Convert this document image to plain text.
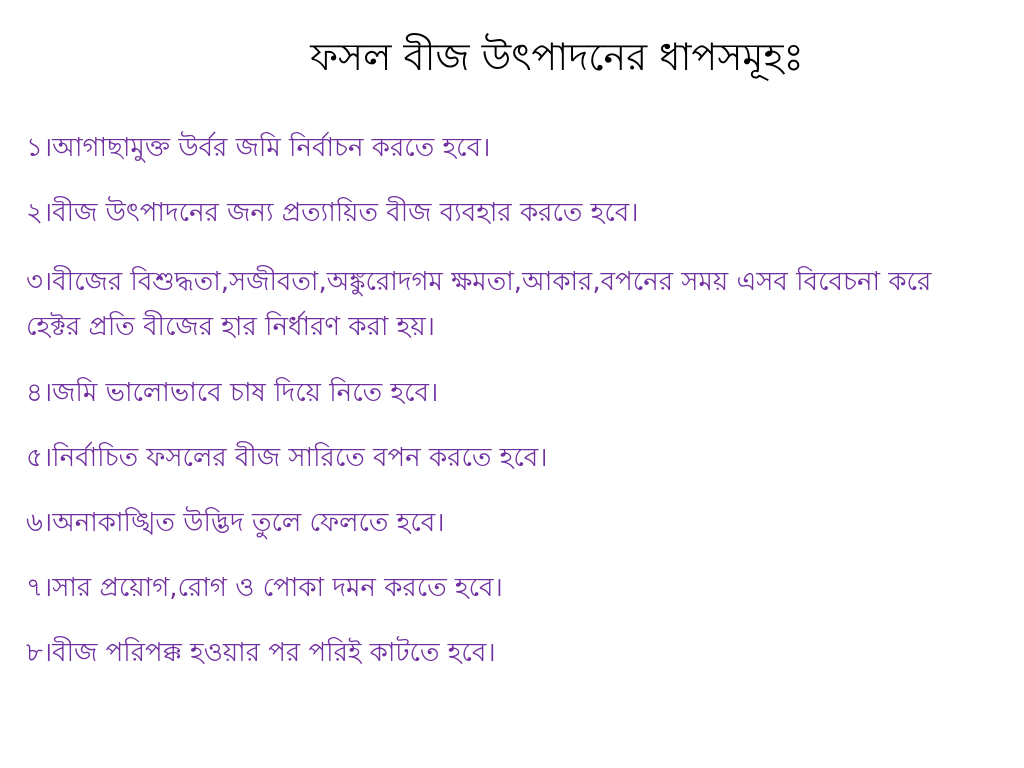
ফসল বীজ উৎপাদনের ধাপসমূহঃ
১।আগাছামুক্ত উর্বর জমি নির্বাচন করতে হবে।
২।বীজ উৎপাদনের জন্য প্রত্যায়িত বীজ ব্যবহার করতে হবে।
৩।বীজের বিশুদ্ধতা,সজীবতা,অঙ্কুরোদগম ক্ষমতা,আকার,বপনের সময় এসব বিবেচনা করে হেক্টর প্রতি বীজের হার নির্ধারণ করা হয়।
৪।জমি ভালোভাবে চাষ দিয়ে নিতে হবে।
৫।নির্বাচিত ফসলের বীজ সারিতে বপন করতে হবে।
৬।অনাকাঙ্খিত উদ্ভিদ তুলে ফেলতে হবে।
৭।সার প্রয়োগ,রোগ ও পোকা দমন করতে হবে।
৮।বীজ পরিপক্ক হওয়ার পর পরিই কাটতে হবে।
